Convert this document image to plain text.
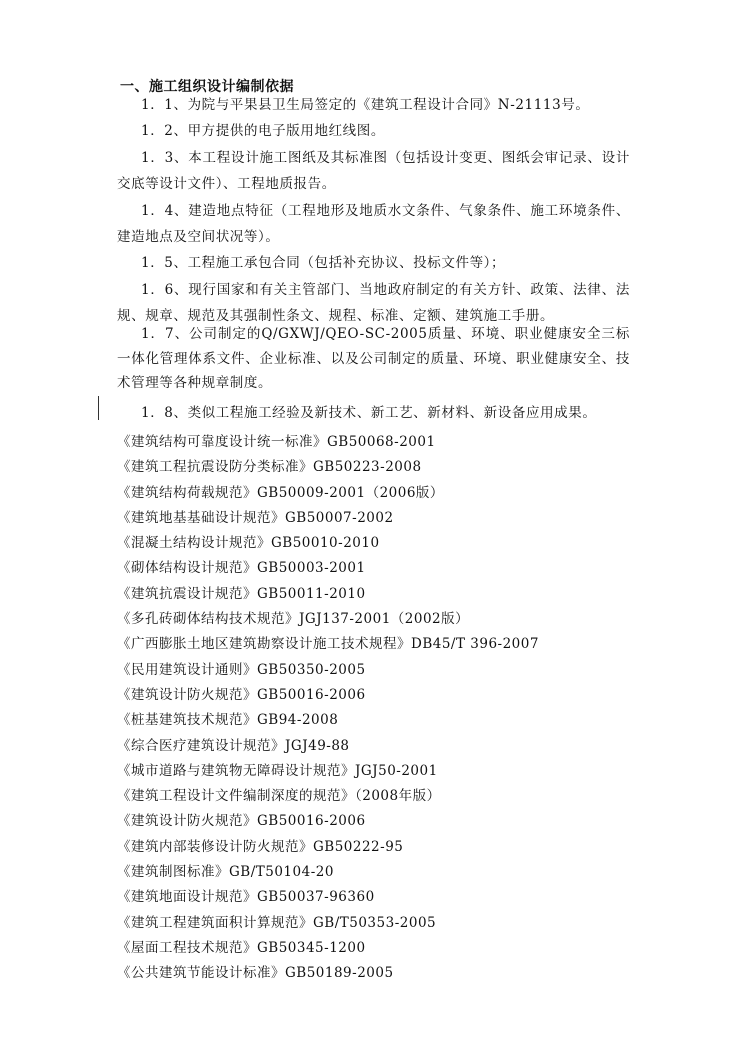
一、施工组织设计编制依据

1．1、为院与平果县卫生局签定的《建筑工程设计合同》N-21113号。

1．2、甲方提供的电子版用地红线图。

1．3、本工程设计施工图纸及其标准图（包括设计变更、图纸会审记录、设计交底等设计文件）、工程地质报告。

1．4、建造地点特征（工程地形及地质水文条件、气象条件、施工环境条件、建造地点及空间状况等）。

1．5、工程施工承包合同（包括补充协议、投标文件等）；

1．6、现行国家和有关主管部门、当地政府制定的有关方针、政策、法律、法规、规章、规范及其强制性条文、规程、标准、定额、建筑施工手册。

1．7、公司制定的Q/GXWJ/QEO-SC-2005质量、环境、职业健康安全三标一体化管理体系文件、企业标准、以及公司制定的质量、环境、职业健康安全、技术管理等各种规章制度。

1．8、类似工程施工经验及新技术、新工艺、新材料、新设备应用成果。

《建筑结构可靠度设计统一标准》GB50068-2001
《建筑工程抗震设防分类标准》GB50223-2008
《建筑结构荷载规范》GB50009-2001（2006版）
《建筑地基基础设计规范》GB50007-2002
《混凝土结构设计规范》GB50010-2010
《砌体结构设计规范》GB50003-2001
《建筑抗震设计规范》GB50011-2010
《多孔砖砌体结构技术规范》JGJ137-2001（2002版）
《广西膨胀土地区建筑勘察设计施工技术规程》DB45/T 396-2007
《民用建筑设计通则》GB50350-2005
《建筑设计防火规范》GB50016-2006
《桩基建筑技术规范》GB94-2008
《综合医疗建筑设计规范》JGJ49-88
《城市道路与建筑物无障碍设计规范》JGJ50-2001
《建筑工程设计文件编制深度的规范》（2008年版）
《建筑设计防火规范》GB50016-2006
《建筑内部装修设计防火规范》GB50222-95
《建筑制图标准》GB/T50104-20
《建筑地面设计规范》GB50037-96360
《建筑工程建筑面积计算规范》GB/T50353-2005
《屋面工程技术规范》GB50345-1200
《公共建筑节能设计标准》GB50189-2005
